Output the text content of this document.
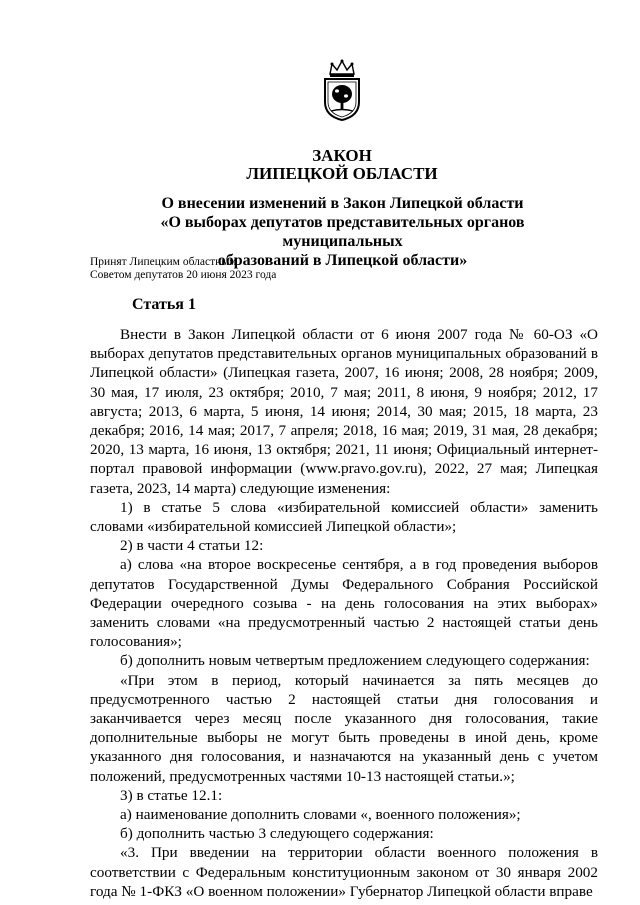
ЗАКОН
ЛИПЕЦКОЙ ОБЛАСТИ
О внесении изменений в Закон Липецкой области
«О выборах депутатов представительных органов муниципальных
образований в Липецкой области»
Принят Липецким областным
Советом депутатов 20 июня 2023 года
Статья 1

Внести в Закон Липецкой области от 6 июня 2007 года № 60-ОЗ «О выборах депутатов представительных органов муниципальных образований в Липецкой области» (Липецкая газета, 2007, 16 июня; 2008, 28 ноября; 2009, 30 мая, 17 июля, 23 октября; 2010, 7 мая; 2011, 8 июня, 9 ноября; 2012, 17 августа; 2013, 6 марта, 5 июня, 14 июня; 2014, 30 мая; 2015, 18 марта, 23 декабря; 2016, 14 мая; 2017, 7 апреля; 2018, 16 мая; 2019, 31 мая, 28 декабря; 2020, 13 марта, 16 июня, 13 октября; 2021, 11 июня; Официальный интернет-портал правовой информации (www.pravo.gov.ru), 2022, 27 мая; Липецкая газета, 2023, 14 марта) следующие изменения:

1) в статье 5 слова «избирательной комиссией области» заменить словами «избирательной комиссией Липецкой области»;

2) в части 4 статьи 12:

а) слова «на второе воскресенье сентября, а в год проведения выборов депутатов Государственной Думы Федерального Собрания Российской Федерации очередного созыва - на день голосования на этих выборах» заменить словами «на предусмотренный частью 2 настоящей статьи день голосования»;

б) дополнить новым четвертым предложением следующего содержания:

«При этом в период, который начинается за пять месяцев до предусмотренного частью 2 настоящей статьи дня голосования и заканчивается через месяц после указанного дня голосования, такие дополнительные выборы не могут быть проведены в иной день, кроме указанного дня голосования, и назначаются на указанный день с учетом положений, предусмотренных частями 10-13 настоящей статьи.»;

3) в статье 12.1:

а) наименование дополнить словами «, военного положения»;

б) дополнить частью 3 следующего содержания:

«3. При введении на территории области военного положения в соответствии с Федеральным конституционным законом от 30 января 2002 года № 1-ФКЗ «О военном положении» Губернатор Липецкой области вправе
